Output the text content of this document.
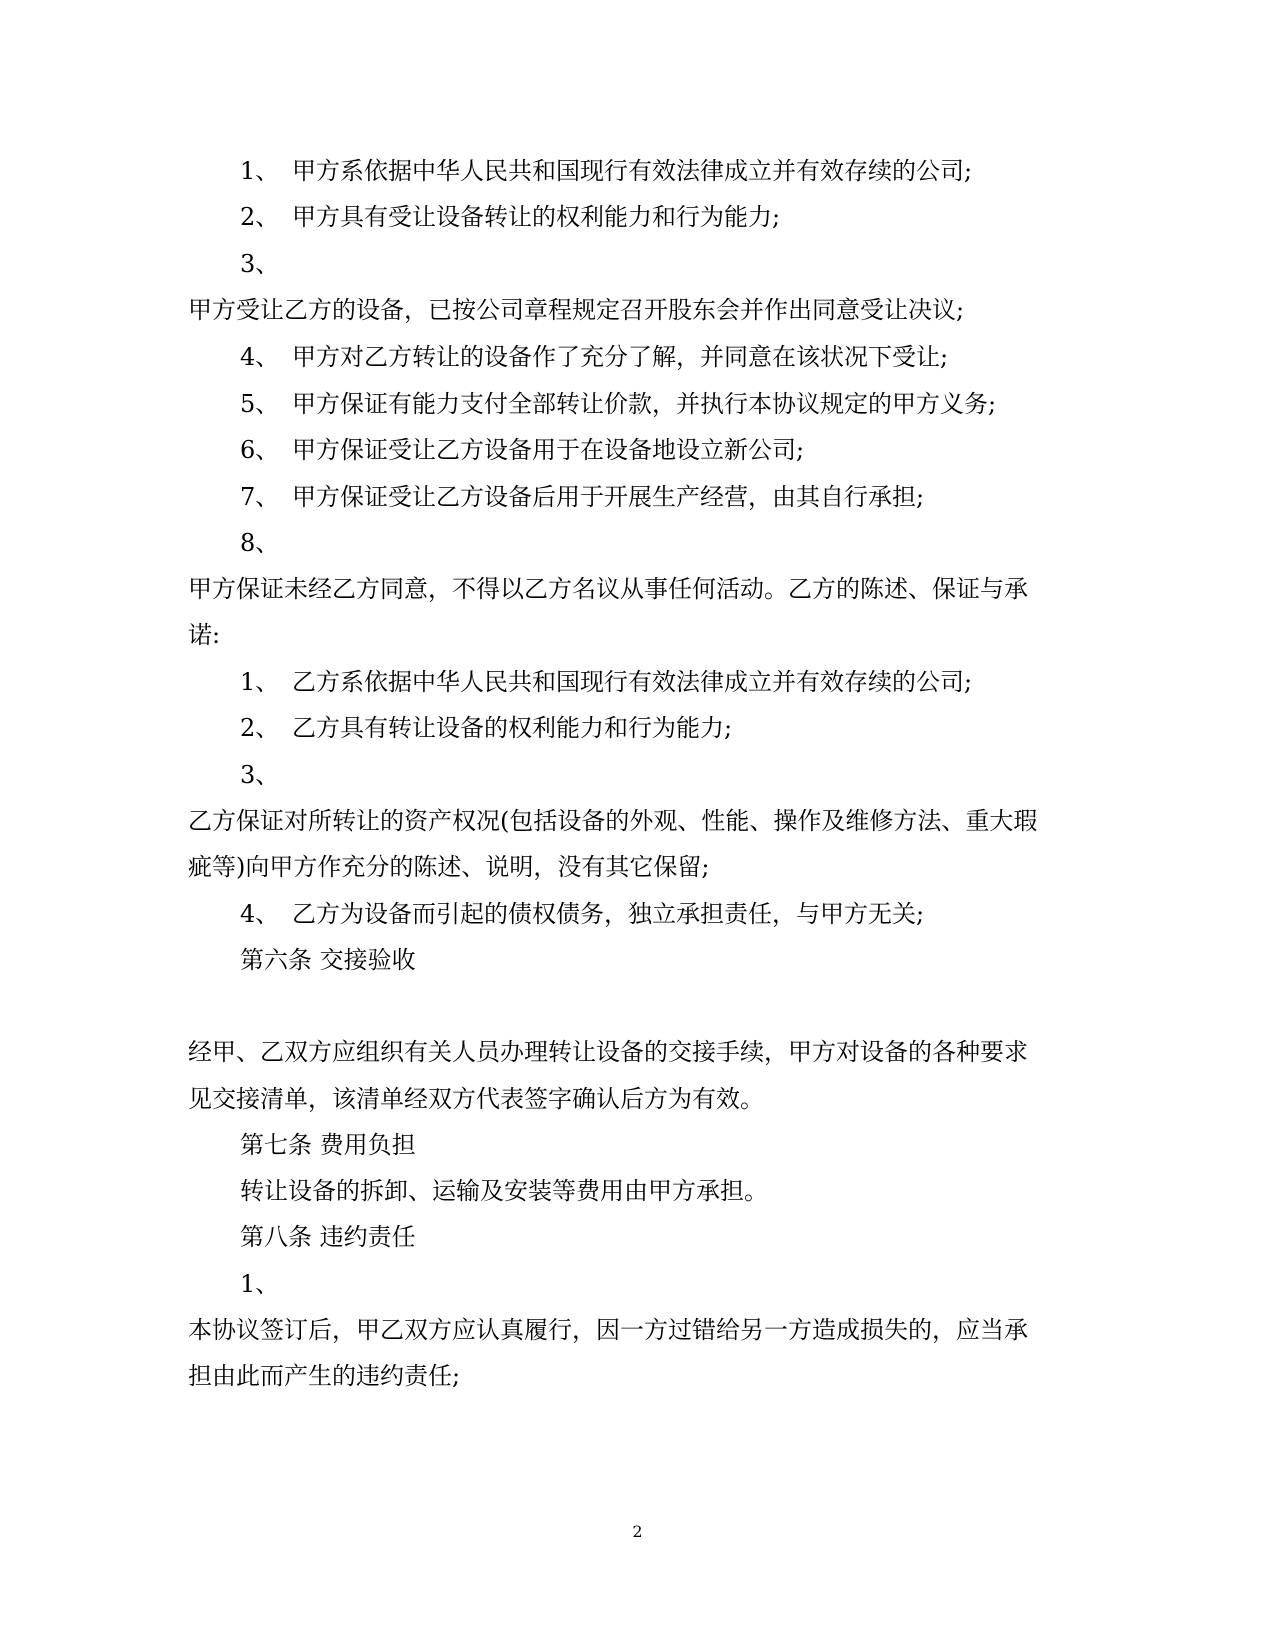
1、 甲方系依据中华人民共和国现行有效法律成立并有效存续的公司;
2、 甲方具有受让设备转让的权利能力和行为能力;
3、
甲方受让乙方的设备，已按公司章程规定召开股东会并作出同意受让决议;
4、 甲方对乙方转让的设备作了充分了解，并同意在该状况下受让;
5、 甲方保证有能力支付全部转让价款，并执行本协议规定的甲方义务;
6、 甲方保证受让乙方设备用于在设备地设立新公司;
7、 甲方保证受让乙方设备后用于开展生产经营，由其自行承担;
8、
甲方保证未经乙方同意，不得以乙方名议从事任何活动。乙方的陈述、保证与承
诺:
1、 乙方系依据中华人民共和国现行有效法律成立并有效存续的公司;
2、 乙方具有转让设备的权利能力和行为能力;
3、
乙方保证对所转让的资产权况(包括设备的外观、性能、操作及维修方法、重大瑕
疵等)向甲方作充分的陈述、说明，没有其它保留;
4、 乙方为设备而引起的债权债务，独立承担责任，与甲方无关;
第六条 交接验收
经甲、乙双方应组织有关人员办理转让设备的交接手续，甲方对设备的各种要求
见交接清单，该清单经双方代表签字确认后方为有效。
第七条 费用负担
转让设备的拆卸、运输及安装等费用由甲方承担。
第八条 违约责任
1、
本协议签订后，甲乙双方应认真履行，因一方过错给另一方造成损失的，应当承
担由此而产生的违约责任;
2
